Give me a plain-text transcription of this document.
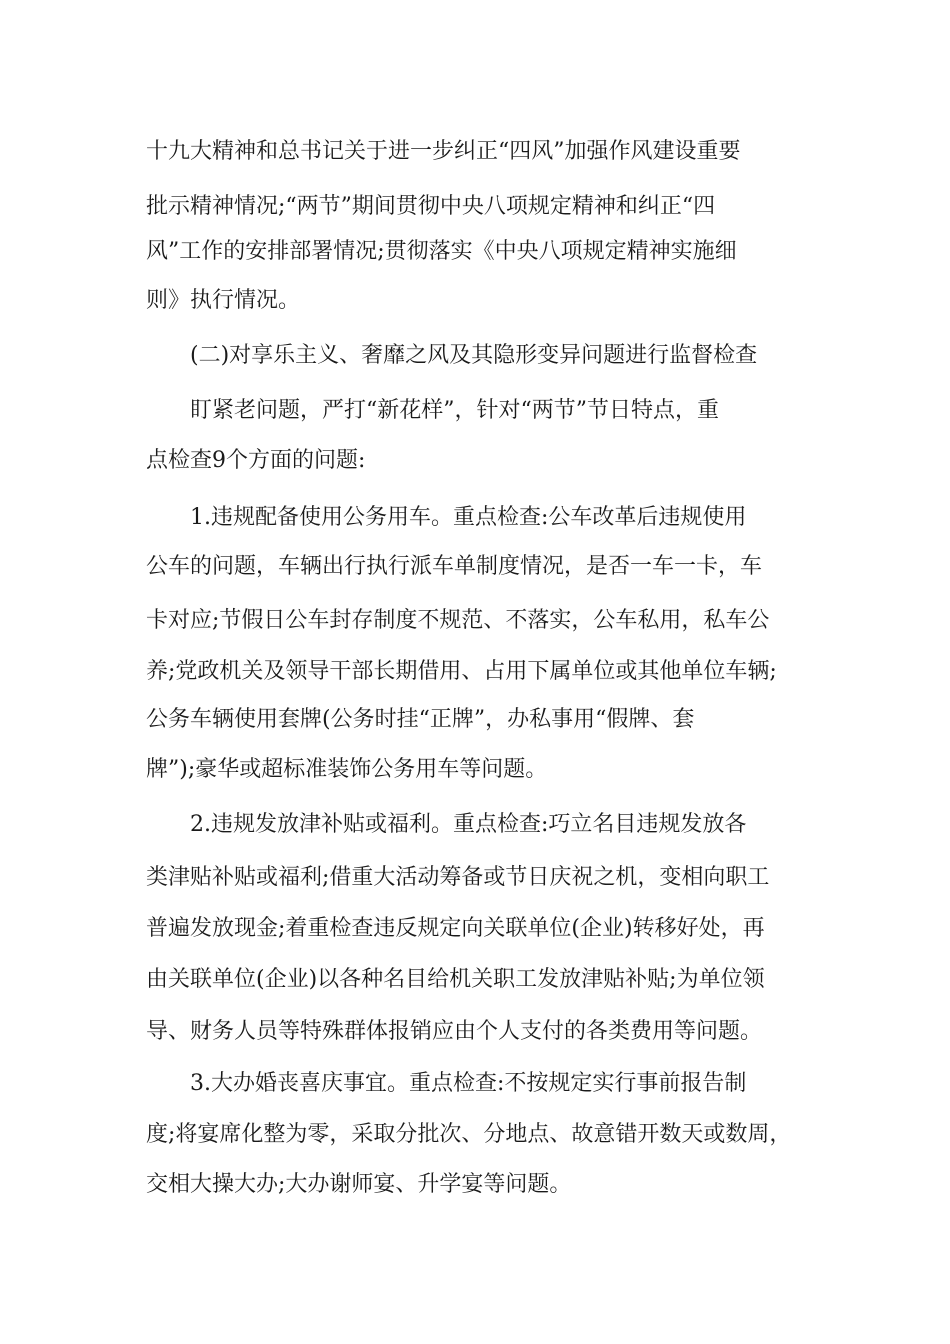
十九大精神和总书记关于进一步纠正“四风”加强作风建设重要
批示精神情况;“两节”期间贯彻中央八项规定精神和纠正“四
风”工作的安排部署情况;贯彻落实《中央八项规定精神实施细
则》执行情况。
(二)对享乐主义、奢靡之风及其隐形变异问题进行监督检查
盯紧老问题，严打“新花样”，针对“两节”节日特点，重
点检查9个方面的问题:
1.违规配备使用公务用车。重点检查:公车改革后违规使用
公车的问题，车辆出行执行派车单制度情况，是否一车一卡，车
卡对应;节假日公车封存制度不规范、不落实，公车私用，私车公
养;党政机关及领导干部长期借用、占用下属单位或其他单位车辆;
公务车辆使用套牌(公务时挂“正牌”，办私事用“假牌、套
牌”);豪华或超标准装饰公务用车等问题。
2.违规发放津补贴或福利。重点检查:巧立名目违规发放各
类津贴补贴或福利;借重大活动筹备或节日庆祝之机，变相向职工
普遍发放现金;着重检查违反规定向关联单位(企业)转移好处，再
由关联单位(企业)以各种名目给机关职工发放津贴补贴;为单位领
导、财务人员等特殊群体报销应由个人支付的各类费用等问题。
3.大办婚丧喜庆事宜。重点检查:不按规定实行事前报告制
度;将宴席化整为零，采取分批次、分地点、故意错开数天或数周，
交相大操大办;大办谢师宴、升学宴等问题。
